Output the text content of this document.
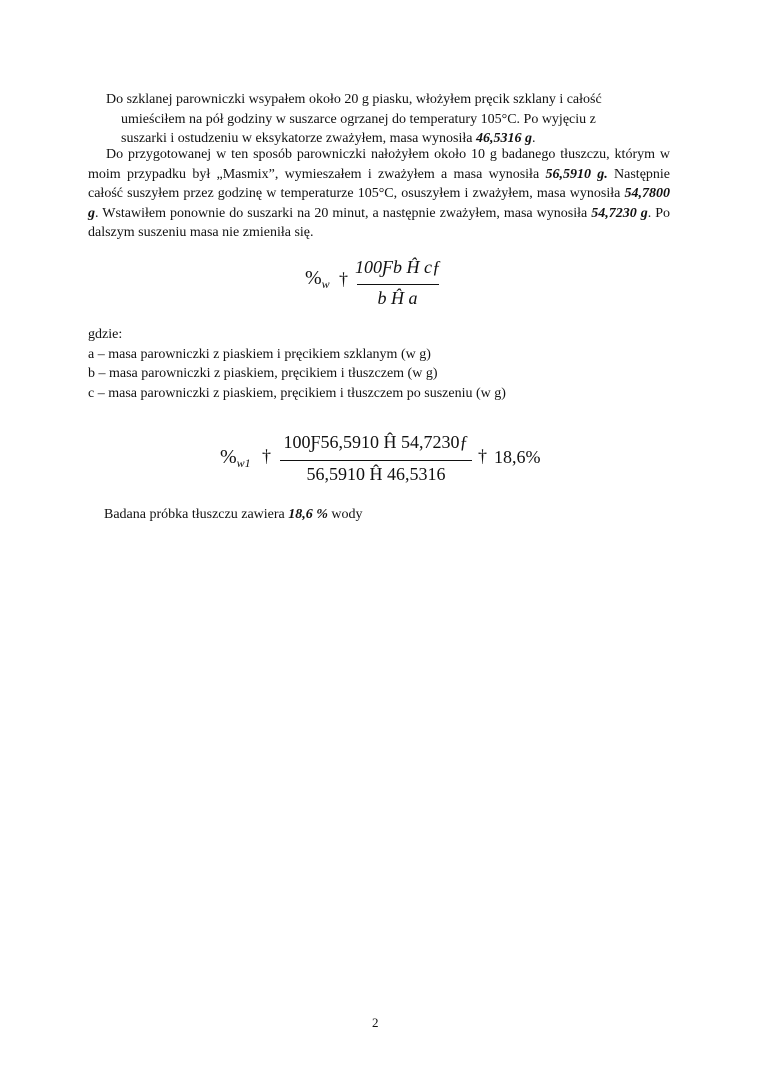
Do szklanej parowniczki wsypałem około 20 g piasku, włożyłem pręcik szklany i całość
umieściłem na pół godziny w suszarce ogrzanej do temperatury 105°C. Po wyjęciu z
suszarki i ostudzeniu w eksykatorze zważyłem, masa wynosiła 46,5316 g.
Do przygotowanej w ten sposób parowniczki nałożyłem około 10 g badanego tłuszczu, którym w moim przypadku był „Masmix”, wymieszałem i zważyłem a masa wynosiła 56,5910 g. Następnie całość suszyłem przez godzinę w temperaturze 105°C, osuszyłem i zważyłem, masa wynosiła 54,7800 g. Wstawiłem ponownie do suszarki na 20 minut, a następnie zważyłem, masa wynosiła 54,7230 g. Po dalszym suszeniu masa nie zmieniła się.
$\%_w$ †
100Ƒb Ĥ cƒ
b Ĥ a
gdzie:
a – masa parowniczki z piaskiem i pręcikiem szklanym (w g)
b – masa parowniczki z piaskiem, pręcikiem i tłuszczem (w g)
c – masa parowniczki z piaskiem, pręcikiem i tłuszczem po suszeniu (w g)
$\%_{w1}$ †
100Ƒ56,5910 Ĥ 54,7230ƒ
56,5910 Ĥ 46,5316
† 18,6%
Badana próbka tłuszczu zawiera 18,6 % wody
2
